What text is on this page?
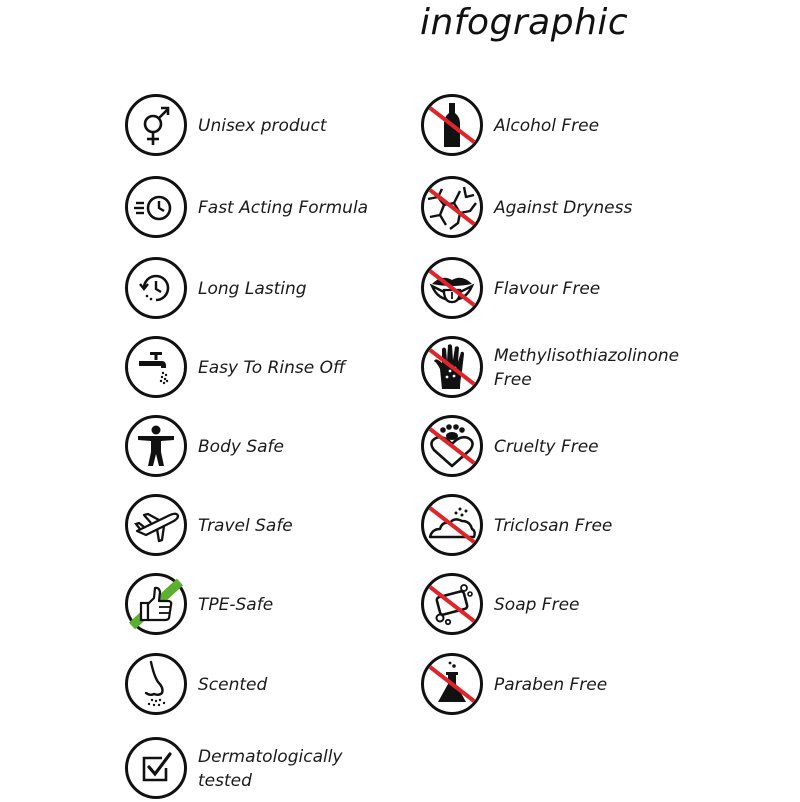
infographic
Unisex product
Fast Acting Formula
Long Lasting
Easy To Rinse Off
Body Safe
Travel Safe
TPE-Safe
Scented
Dermatologically
tested
Alcohol Free
Against Dryness
Flavour Free
Methylisothiazolinone
Free
Cruelty Free
Triclosan Free
Soap Free
Paraben Free
